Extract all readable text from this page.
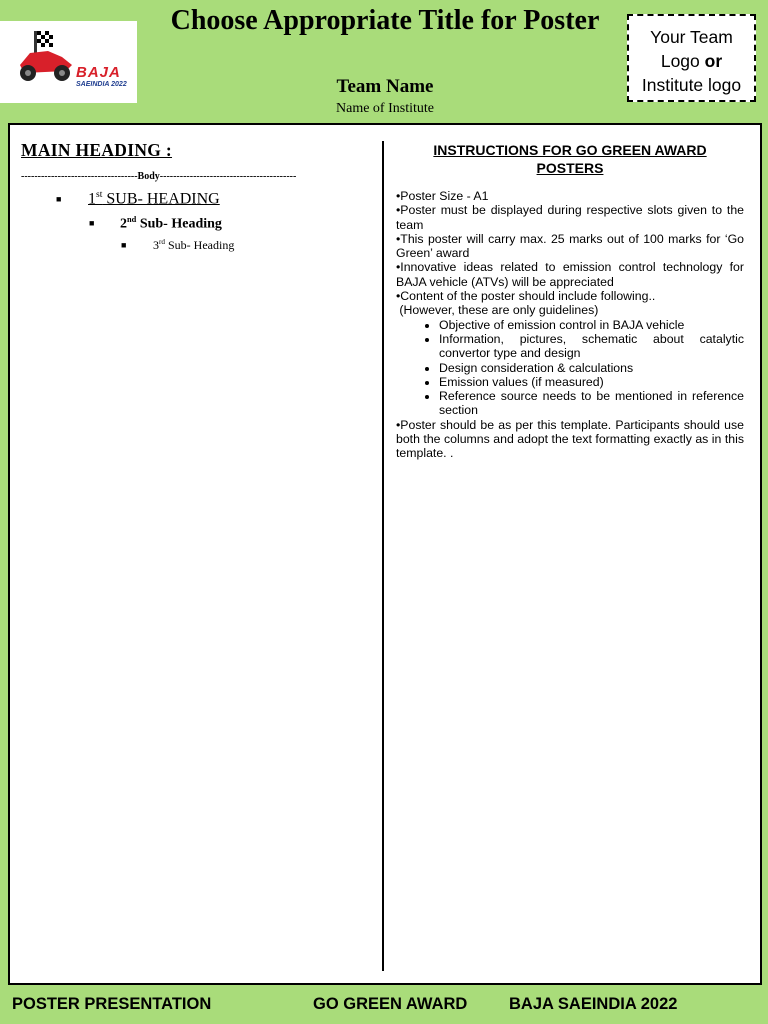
BAJA
SAEINDIA 2022
Choose Appropriate Title for Poster
Team Name
Name of Institute
Your Team
Logo or
Institute logo
MAIN HEADING :
-----------------------------------Body-----------------------------------------
■ 1st SUB- HEADING
■ 2nd Sub- Heading
■ 3rd Sub- Heading
INSTRUCTIONS FOR GO GREEN AWARD POSTERS

•Poster Size - A1

•Poster must be displayed during respective slots given to the team

•This poster will carry max. 25 marks out of 100 marks for ‘Go Green’ award

•Innovative ideas related to emission control technology for BAJA vehicle (ATVs) will be appreciated

•Content of the poster should include following..

(However, these are only guidelines)

• Objective of emission control in BAJA vehicle
• Information, pictures, schematic about catalytic convertor type and design
• Design consideration & calculations
• Emission values (if measured)
• Reference source needs to be mentioned in reference section

•Poster should be as per this template. Participants should use both the columns and adopt the text formatting exactly as in this template. .

POSTER PRESENTATION	GO GREEN AWARD	BAJA SAEINDIA 2022
